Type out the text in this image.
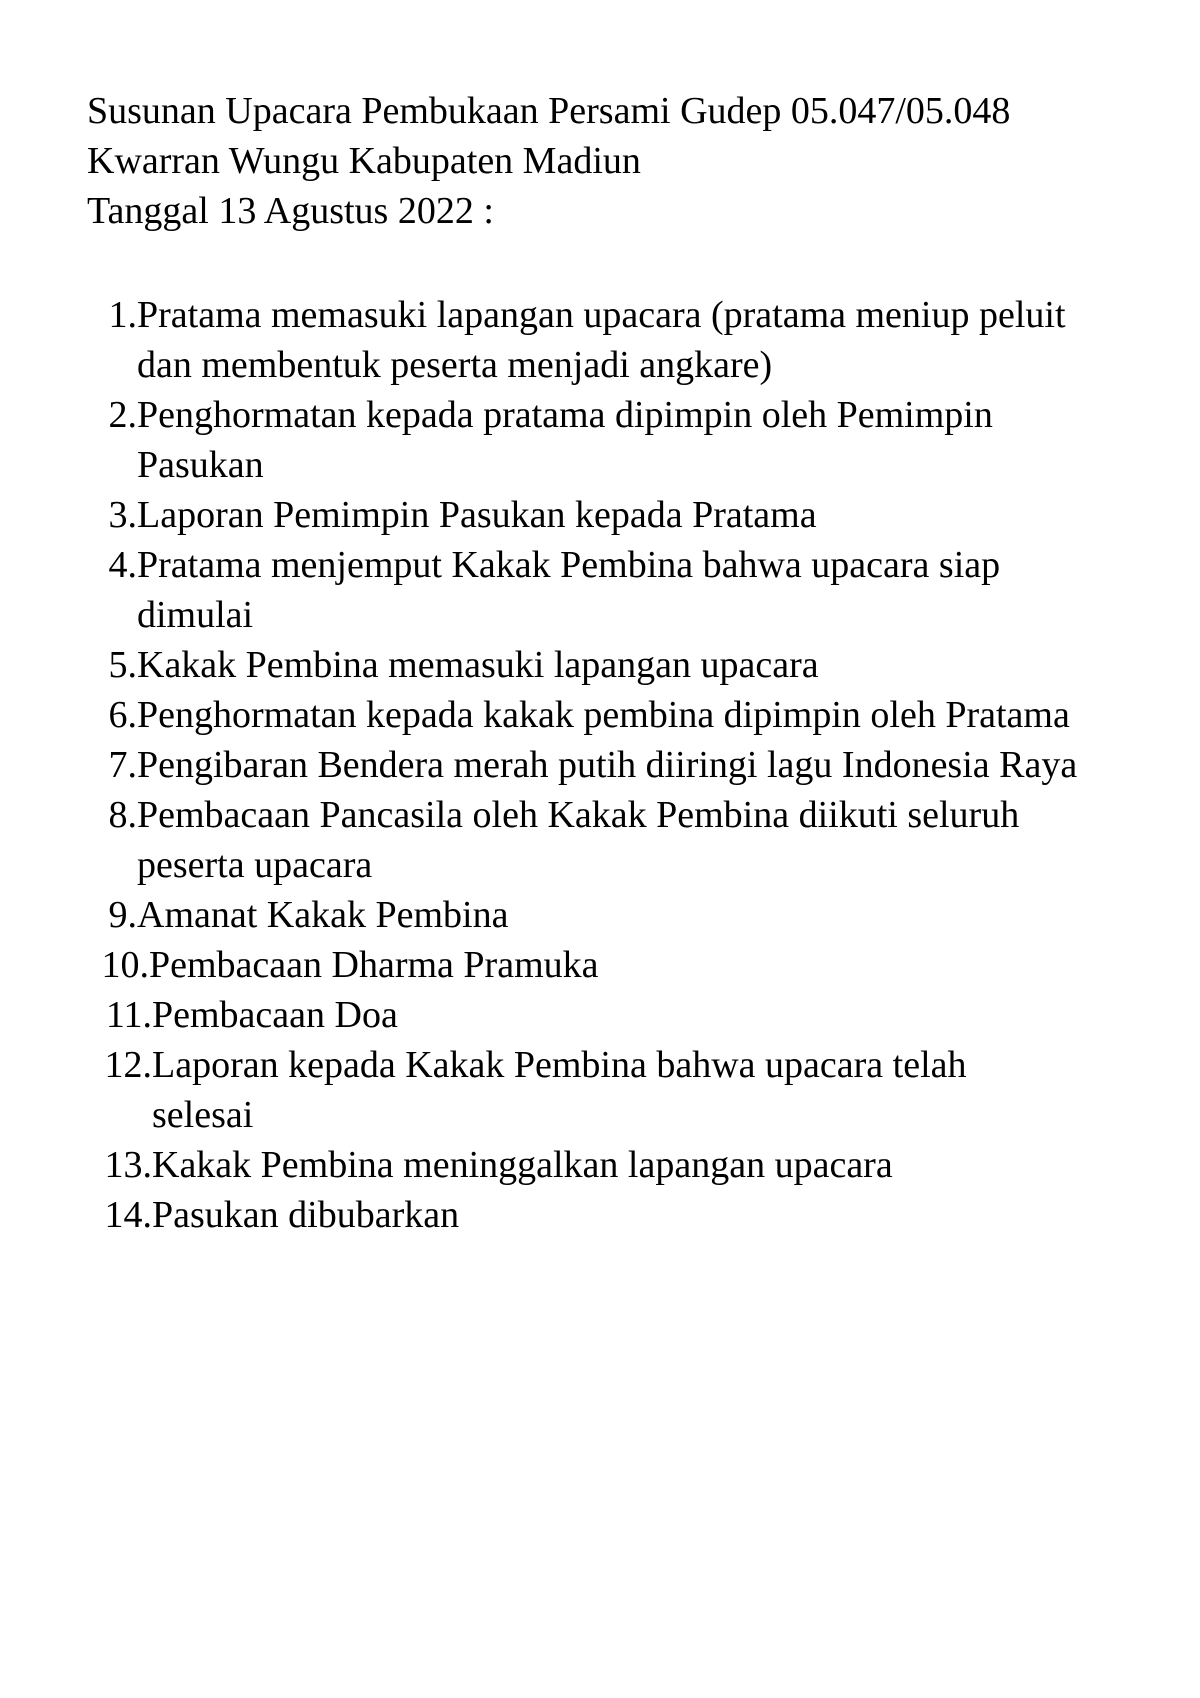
Susunan Upacara Pembukaan Persami Gudep 05.047/05.048
Kwarran Wungu Kabupaten Madiun
Tanggal 13 Agustus 2022 :
1. Pratama memasuki lapangan upacara (pratama meniup peluit dan membentuk peserta menjadi angkare)
2. Penghormatan kepada pratama dipimpin oleh Pemimpin Pasukan
3. Laporan Pemimpin Pasukan kepada Pratama
4. Pratama menjemput Kakak Pembina bahwa upacara siap dimulai
5. Kakak Pembina memasuki lapangan upacara
6. Penghormatan kepada kakak pembina dipimpin oleh Pratama
7. Pengibaran Bendera merah putih diiringi lagu Indonesia Raya
8. Pembacaan Pancasila oleh Kakak Pembina diikuti seluruh peserta upacara
9. Amanat Kakak Pembina
10. Pembacaan Dharma Pramuka
11. Pembacaan Doa
12. Laporan kepada Kakak Pembina bahwa upacara telah selesai
13. Kakak Pembina meninggalkan lapangan upacara
14. Pasukan dibubarkan
